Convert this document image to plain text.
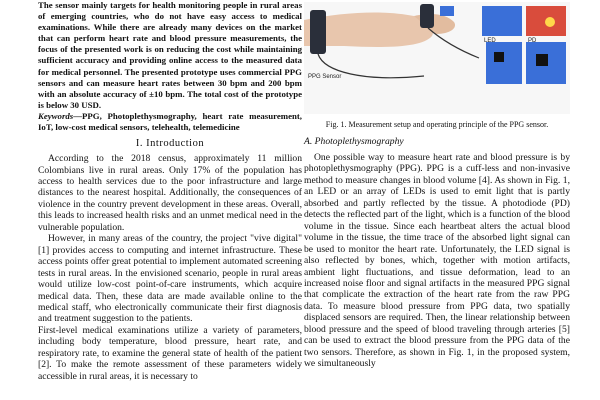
The sensor mainly targets for health monitoring people in rural areas of emerging countries, who do not have easy access to medical examinations. While there are already many devices on the market that can perform heart rate and blood pressure measurements, the focus of the presented work is on reducing the cost while maintaining sufficient accuracy and providing online access to the measured data for medical personnel. The presented prototype uses commercial PPG sensors and can measure heart rates between 30 bpm and 200 bpm with an absolute accuracy of ±10 bpm. The total cost of the prototype is below 30 USD.

Keywords—PPG, Photoplethysmography, heart rate measurement, IoT, low-cost medical sensors, telehealth, telemedicine

I. Introduction

According to the 2018 census, approximately 11 million Colombians live in rural areas. Only 17% of the population has access to health services due to the poor infrastructure and large distances to the nearest hospital. Additionally, the consequences of violence in the country prevent development in these areas. Overall, this leads to increased health risks and an unmet medical need in the vulnerable population.

However, in many areas of the country, the project "vive digital" [1] provides access to computing and internet infrastructure. These access points offer great potential to implement automated screening tests in rural areas. In the envisioned scenario, people in rural areas would utilize low-cost point-of-care instruments, which acquire medical data. Then, these data are made available online to the medical staff, who electronically communicate their first diagnosis and treatment suggestion to the patients.

First-level medical examinations utilize a variety of parameters, including body temperature, blood pressure, heart rate, and respiratory rate, to examine the general state of health of the patient [2]. To make the remote assessment of these parameters widely accessible in rural areas, it is necessary to

PPG Sensor
LED	PD
Fig. 1. Measurement setup and operating principle of the PPG sensor.
A. Photoplethysmography

One possible way to measure heart rate and blood pressure is by photoplethysmography (PPG). PPG is a cuff-less and non-invasive method to measure changes in blood volume [4]. As shown in Fig. 1, an LED or an array of LEDs is used to emit light that is partly absorbed and partly reflected by the tissue. A photodiode (PD) detects the reflected part of the light, which is a function of the blood volume in the tissue. Since each heartbeat alters the actual blood volume in the tissue, the time trace of the absorbed light signal can be used to monitor the heart rate. Unfortunately, the LED signal is also reflected by bones, which, together with motion artifacts, ambient light fluctuations, and tissue deformation, lead to an increased noise floor and signal artifacts in the measured PPG signal that complicate the extraction of the heart rate from the raw PPG data. To measure blood pressure from PPG data, two spatially displaced sensors are required. Then, the linear relationship between blood pressure and the speed of blood traveling through arteries [5] can be used to extract the blood pressure from the PPG data of the two sensors. Therefore, as shown in Fig. 1, in the proposed system, we simultaneously
